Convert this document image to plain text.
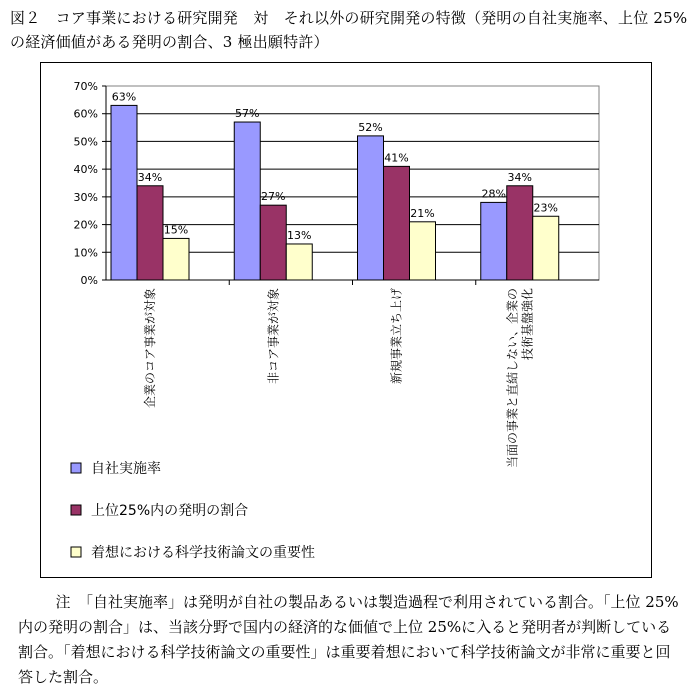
図２　コア事業における研究開発　対　それ以外の研究開発の特徴（発明の自社実施率、上位 25%の経済価値がある発明の割合、3 極出願特許）
0%
10%
20%
30%
40%
50%
60%
70%
63%
57%
52%
28%
34%
27%
41%
34%
15%	13%
21%	23%
企業のコア事業が対象	非コア事業が対象	新規事業立ち上げ	当面の事業と直結しない、企業の 技術基盤強化
自社実施率
上位25%内の発明の割合
着想における科学技術論文の重要性

注　「自社実施率」は発明が自社の製品あるいは製造過程で利用されている割合。「上位 25%内の発明の割合」は、当該分野で国内の経済的な価値で上位 25%に入ると発明者が判断している割合。「着想における科学技術論文の重要性」は重要着想において科学技術論文が非常に重要と回答した割合。
